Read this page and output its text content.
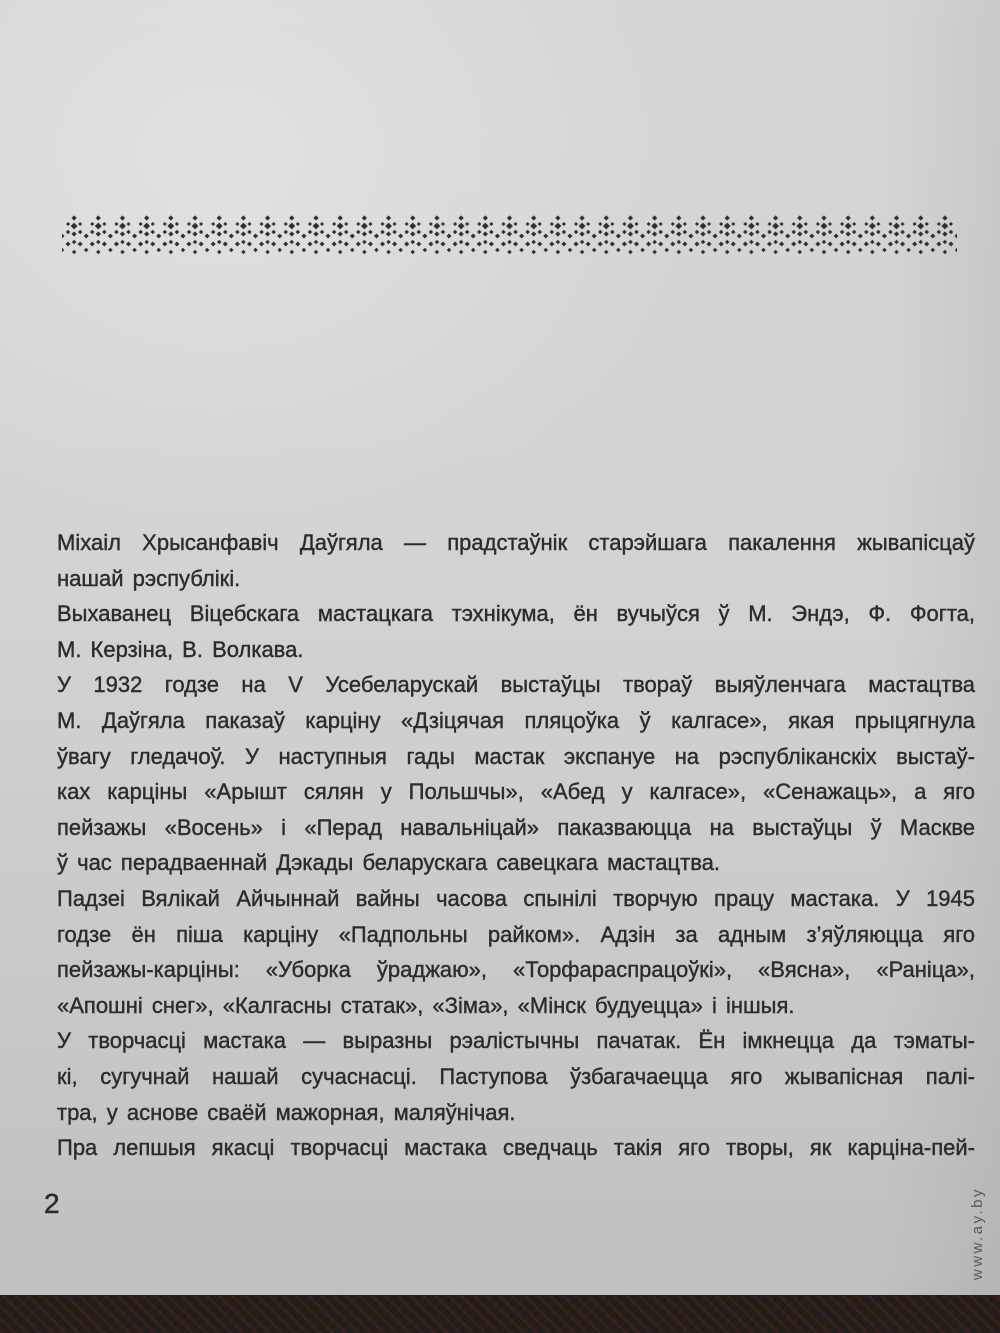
Міхаіл Хрысанфавіч Даўгяла — прадстаўнік старэйшага пакалення жывапісцаў
нашай рэспублікі.
Выхаванец Віцебскага мастацкага тэхнікума, ён вучыўся ў М. Эндэ, Ф. Фогта,
М. Керзіна, В. Волкава.
У 1932 годзе на V Усебеларускай выстаўцы твораў выяўленчага мастацтва
М. Даўгяла паказаў карціну «Дзіцячая пляцоўка ў калгасе», якая прыцягнула
ўвагу гледачоў. У наступныя гады мастак экспануе на рэспубліканскіх выстаў-
ках карціны «Арышт сялян у Польшчы», «Абед у калгасе», «Сенажаць», а яго
пейзажы «Восень» і «Перад навальніцай» паказваюцца на выстаўцы ў Маскве
ў час перадваеннай Дэкады беларускага савецкага мастацтва.
Падзеі Вялікай Айчыннай вайны часова спынілі творчую працу мастака. У 1945
годзе ён піша карціну «Падпольны райком». Адзін за адным з’яўляюцца яго
пейзажы-карціны: «Уборка ўраджаю», «Торфараспрацоўкі», «Вясна», «Раніца»,
«Апошні снег», «Калгасны статак», «Зіма», «Мінск будуецца» і іншыя.
У творчасці мастака — выразны рэалістычны пачатак. Ён імкнецца да тэматы-
кі, сугучнай нашай сучаснасці. Паступова ўзбагачаецца яго жывапісная палі-
тра, у аснове сваёй мажорная, маляўнічая.
Пра лепшыя якасці творчасці мастака сведчаць такія яго творы, як карціна-пей-
2	www.ay.by
